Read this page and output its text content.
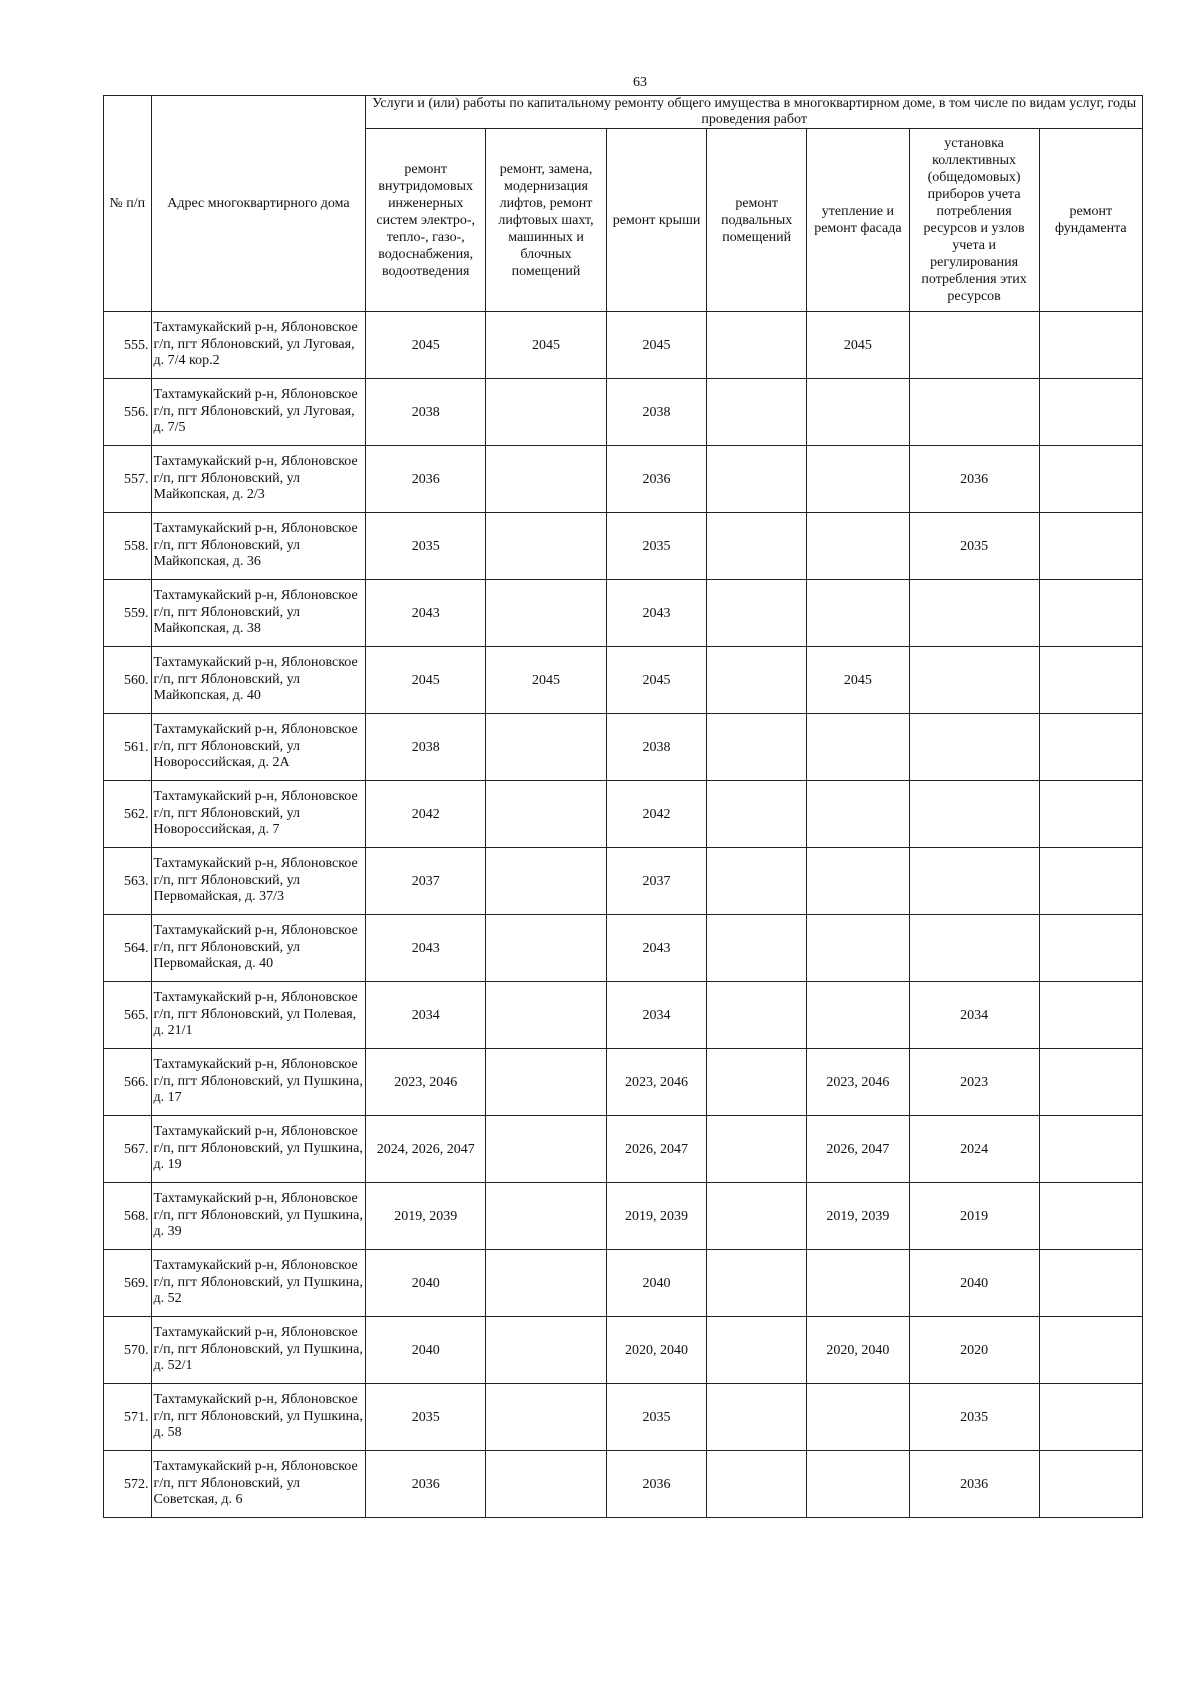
63
№ п/п	Адрес многоквартирного дома	Услуги и (или) работы по капитальному ремонту общего имущества в многоквартирном доме, в том числе по видам услуг, годы проведения работ						
		ремонт внутридомовых инженерных систем электро-, тепло-, газо-, водоснабжения, водоотведения	ремонт, замена, модернизация лифтов, ремонт лифтовых шахт, машинных и блочных помещений	ремонт крыши	ремонт подвальных помещений	утепление и ремонт фасада	установка коллективных (общедомовых) приборов учета потребления ресурсов и узлов учета и регулирования потребления этих ресурсов	ремонт фундамента
555.	Тахтамукайский р-н, Яблоновское г/п, пгт Яблоновский, ул Луговая, д. 7/4 кор.2	2045	2045	2045		2045		
556.	Тахтамукайский р-н, Яблоновское г/п, пгт Яблоновский, ул Луговая, д. 7/5	2038		2038				
557.	Тахтамукайский р-н, Яблоновское г/п, пгт Яблоновский, ул Майкопская, д. 2/3	2036		2036			2036	
558.	Тахтамукайский р-н, Яблоновское г/п, пгт Яблоновский, ул Майкопская, д. 36	2035		2035			2035	
559.	Тахтамукайский р-н, Яблоновское г/п, пгт Яблоновский, ул Майкопская, д. 38	2043		2043				
560.	Тахтамукайский р-н, Яблоновское г/п, пгт Яблоновский, ул Майкопская, д. 40	2045	2045	2045		2045		
561.	Тахтамукайский р-н, Яблоновское г/п, пгт Яблоновский, ул Новороссийская, д. 2А	2038		2038				
562.	Тахтамукайский р-н, Яблоновское г/п, пгт Яблоновский, ул Новороссийская, д. 7	2042		2042				
563.	Тахтамукайский р-н, Яблоновское г/п, пгт Яблоновский, ул Первомайская, д. 37/3	2037		2037				
564.	Тахтамукайский р-н, Яблоновское г/п, пгт Яблоновский, ул Первомайская, д. 40	2043		2043				
565.	Тахтамукайский р-н, Яблоновское г/п, пгт Яблоновский, ул Полевая, д. 21/1	2034		2034			2034	
566.	Тахтамукайский р-н, Яблоновское г/п, пгт Яблоновский, ул Пушкина, д. 17	2023, 2046		2023, 2046		2023, 2046	2023	
567.	Тахтамукайский р-н, Яблоновское г/п, пгт Яблоновский, ул Пушкина, д. 19	2024, 2026, 2047		2026, 2047		2026, 2047	2024	
568.	Тахтамукайский р-н, Яблоновское г/п, пгт Яблоновский, ул Пушкина, д. 39	2019, 2039		2019, 2039		2019, 2039	2019	
569.	Тахтамукайский р-н, Яблоновское г/п, пгт Яблоновский, ул Пушкина, д. 52	2040		2040			2040	
570.	Тахтамукайский р-н, Яблоновское г/п, пгт Яблоновский, ул Пушкина, д. 52/1	2040		2020, 2040		2020, 2040	2020	
571.	Тахтамукайский р-н, Яблоновское г/п, пгт Яблоновский, ул Пушкина, д. 58	2035		2035			2035	
572.	Тахтамукайский р-н, Яблоновское г/п, пгт Яблоновский, ул Советская, д. 6	2036		2036			2036	
